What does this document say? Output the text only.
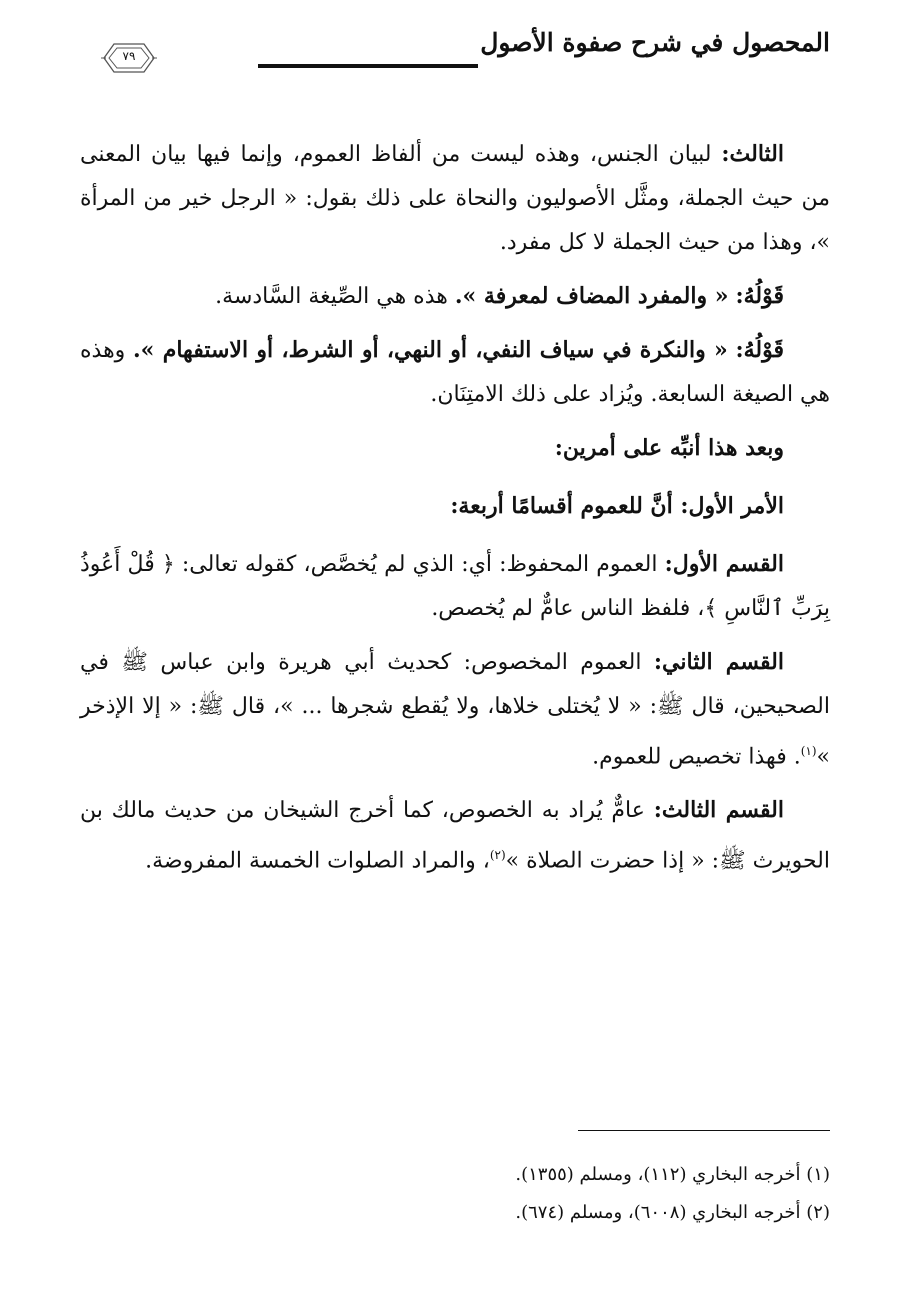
المحصول في شرح صفوة الأصول
٧٩

الثالث: لبيان الجنس، وهذه ليست من ألفاظ العموم، وإنما فيها بيان المعنى من حيث الجملة، ومثَّل الأصوليون والنحاة على ذلك بقول: « الرجل خير من المرأة »، وهذا من حيث الجملة لا كل مفرد.

قَوْلُهُ: « والمفرد المضاف لمعرفة ». هذه هي الصِّيغة السَّادسة.

قَوْلُهُ: « والنكرة في سياف النفي، أو النهي، أو الشرط، أو الاستفهام ». وهذه هي الصيغة السابعة. ويُزاد على ذلك الامتِنَان.

وبعد هذا أنبِّه على أمرين:

الأمر الأول: أنَّ للعموم أقسامًا أربعة:

القسم الأول: العموم المحفوظ: أي: الذي لم يُخصَّص، كقوله تعالى: ﴿ قُلْ أَعُوذُ بِرَبِّ ٱلنَّاسِ ﴾، فلفظ الناس عامٌّ لم يُخصص.

القسم الثاني: العموم المخصوص: كحديث أبي هريرة وابن عباس ﷺ في الصحيحين، قال ﷺ: « لا يُختلى خلاها، ولا يُقطع شجرها ... »، قال ﷺ: « إلا الإذخر »$^{(١)}$. فهذا تخصيص للعموم.

القسم الثالث: عامٌّ يُراد به الخصوص، كما أخرج الشيخان من حديث مالك بن الحويرث ﷺ: « إذا حضرت الصلاة »$^{(٢)}$، والمراد الصلوات الخمسة المفروضة.

(١) أخرجه البخاري (١١٢)، ومسلم (١٣٥٥).

(٢) أخرجه البخاري (٦٠٠٨)، ومسلم (٦٧٤).
